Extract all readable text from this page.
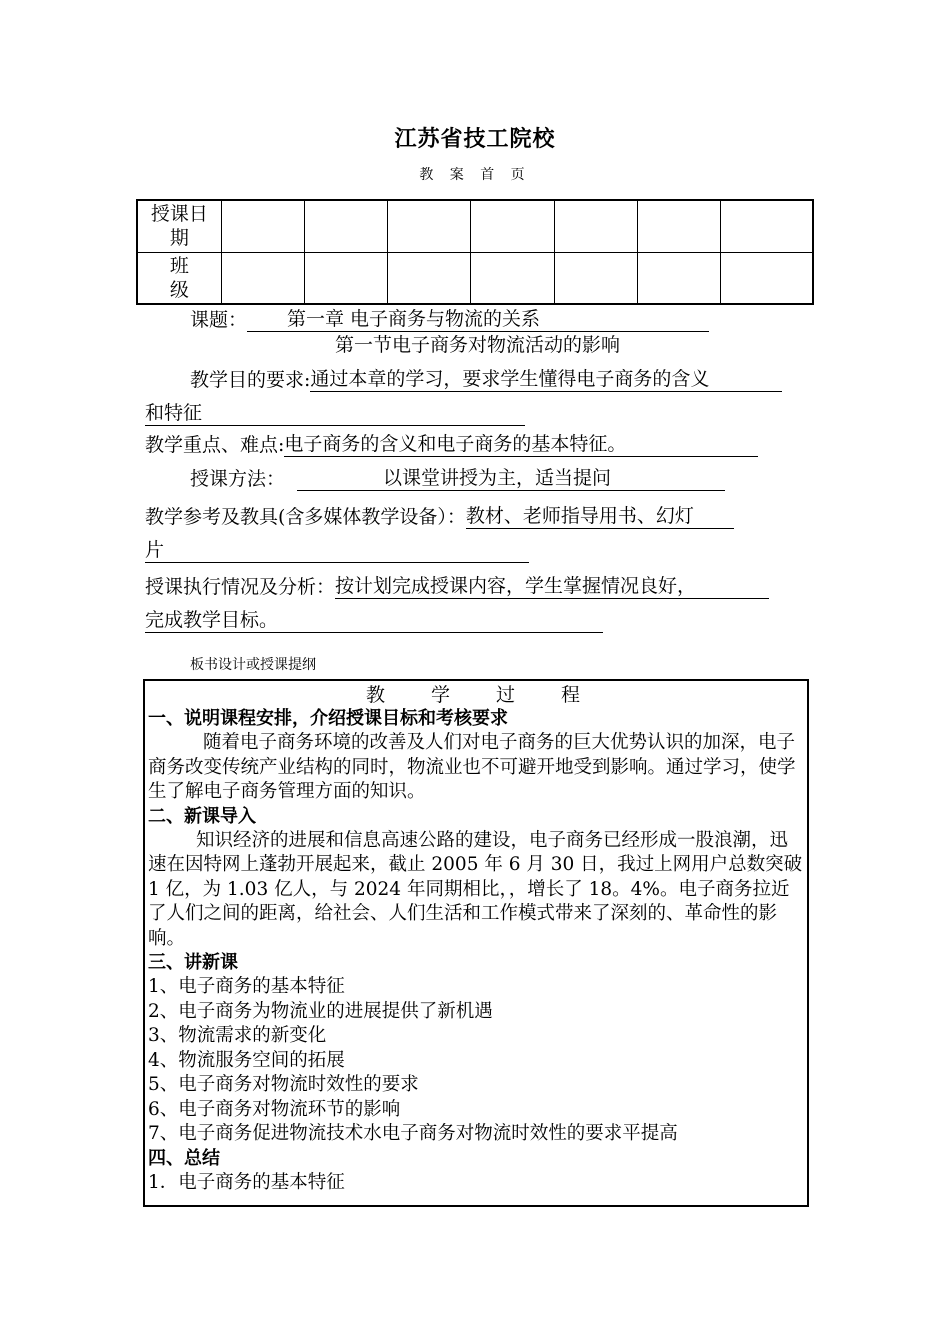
江苏省技工院校
教 案 首 页
授课日期							

班级							

课题： 第一章 电子商务与物流的关系
第一节电子商务对物流活动的影响
教学目的要求:通过本章的学习，要求学生懂得电子商务的含义
和特征
教学重点、难点:电子商务的含义和电子商务的基本特征。
授课方法：	以课堂讲授为主，适当提问
教学参考及教具(含多媒体教学设备）：教材、老师指导用书、幻灯
片
授课执行情况及分析：按计划完成授课内容，学生掌握情况良好，
完成教学目标。
板书设计或授课提纲
教学过程
一、说明课程安排，介绍授课目标和考核要求
随着电子商务环境的改善及人们对电子商务的巨大优势认识的加深，电子商务改变传统产业结构的同时，物流业也不可避开地受到影响。通过学习，使学生了解电子商务管理方面的知识。
二、新课导入
知识经济的进展和信息高速公路的建设，电子商务已经形成一股浪潮，迅速在因特网上蓬勃开展起来，截止 2005 年 6 月 30 日，我过上网用户总数突破 1 亿，为 1.03 亿人，与 2024 年同期相比，，增长了 18。4%。电子商务拉近了人们之间的距离，给社会、人们生活和工作模式带来了深刻的、革命性的影响。
三、讲新课
1、电子商务的基本特征
2、电子商务为物流业的进展提供了新机遇
3、物流需求的新变化
4、物流服务空间的拓展
5、电子商务对物流时效性的要求
6、电子商务对物流环节的影响
7、电子商务促进物流技术水电子商务对物流时效性的要求平提高
四、总结
1．电子商务的基本特征
